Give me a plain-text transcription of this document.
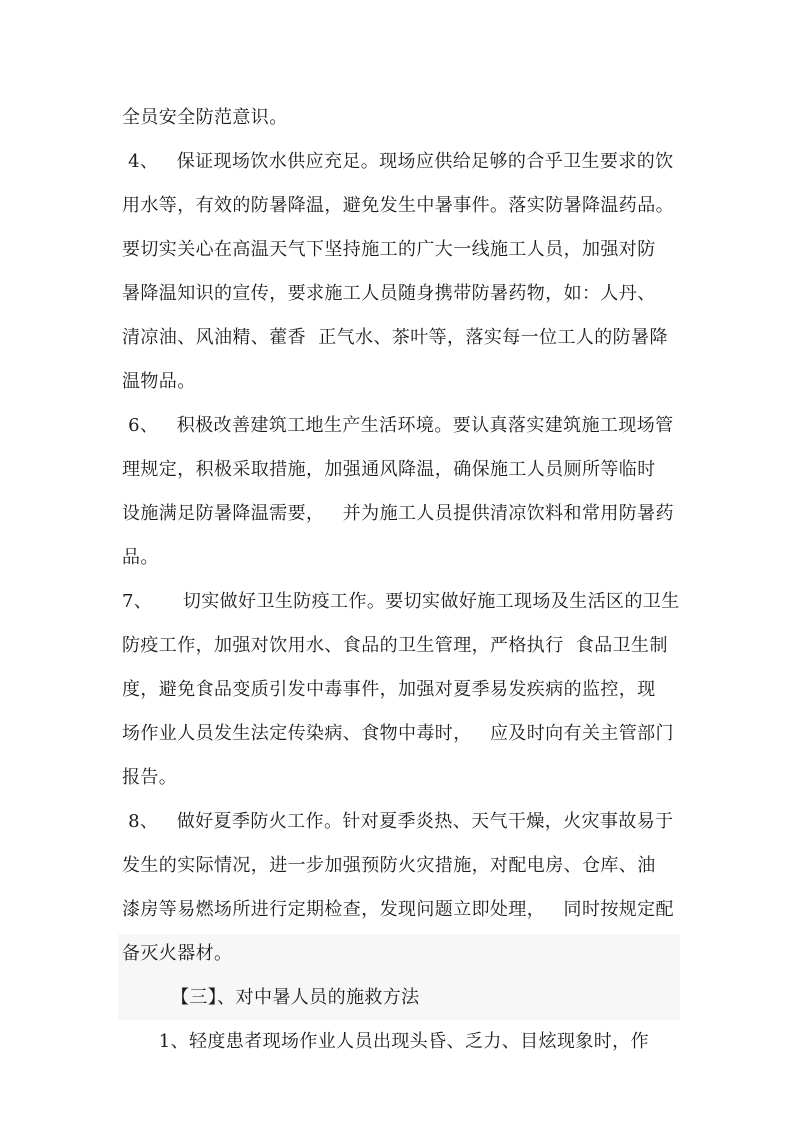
全员安全防范意识。
4、   保证现场饮水供应充足。现场应供给足够的合乎卫生要求的饮
用水等，有效的防暑降温，避免发生中暑事件。落实防暑降温药品。
要切实关心在高温天气下坚持施工的广大一线施工人员，加强对防
暑降温知识的宣传，要求施工人员随身携带防暑药物，如：人丹、
清凉油、风油精、藿香  正气水、茶叶等，落实每一位工人的防暑降
温物品。
6、   积极改善建筑工地生产生活环境。要认真落实建筑施工现场管
理规定，积极采取措施，加强通风降温，确保施工人员厕所等临时
设施满足防暑降温需要，   并为施工人员提供清凉饮料和常用防暑药
品。
7、     切实做好卫生防疫工作。要切实做好施工现场及生活区的卫生
防疫工作，加强对饮用水、食品的卫生管理，严格执行  食品卫生制
度，避免食品变质引发中毒事件，加强对夏季易发疾病的监控，现
场作业人员发生法定传染病、食物中毒时，   应及时向有关主管部门
报告。
8、   做好夏季防火工作。针对夏季炎热、天气干燥，火灾事故易于
发生的实际情况，进一步加强预防火灾措施，对配电房、仓库、油
漆房等易燃场所进行定期检查，发现问题立即处理，   同时按规定配
备灭火器材。
【三】、对中暑人员的施救方法
1、轻度患者现场作业人员出现头昏、乏力、目炫现象时，作
